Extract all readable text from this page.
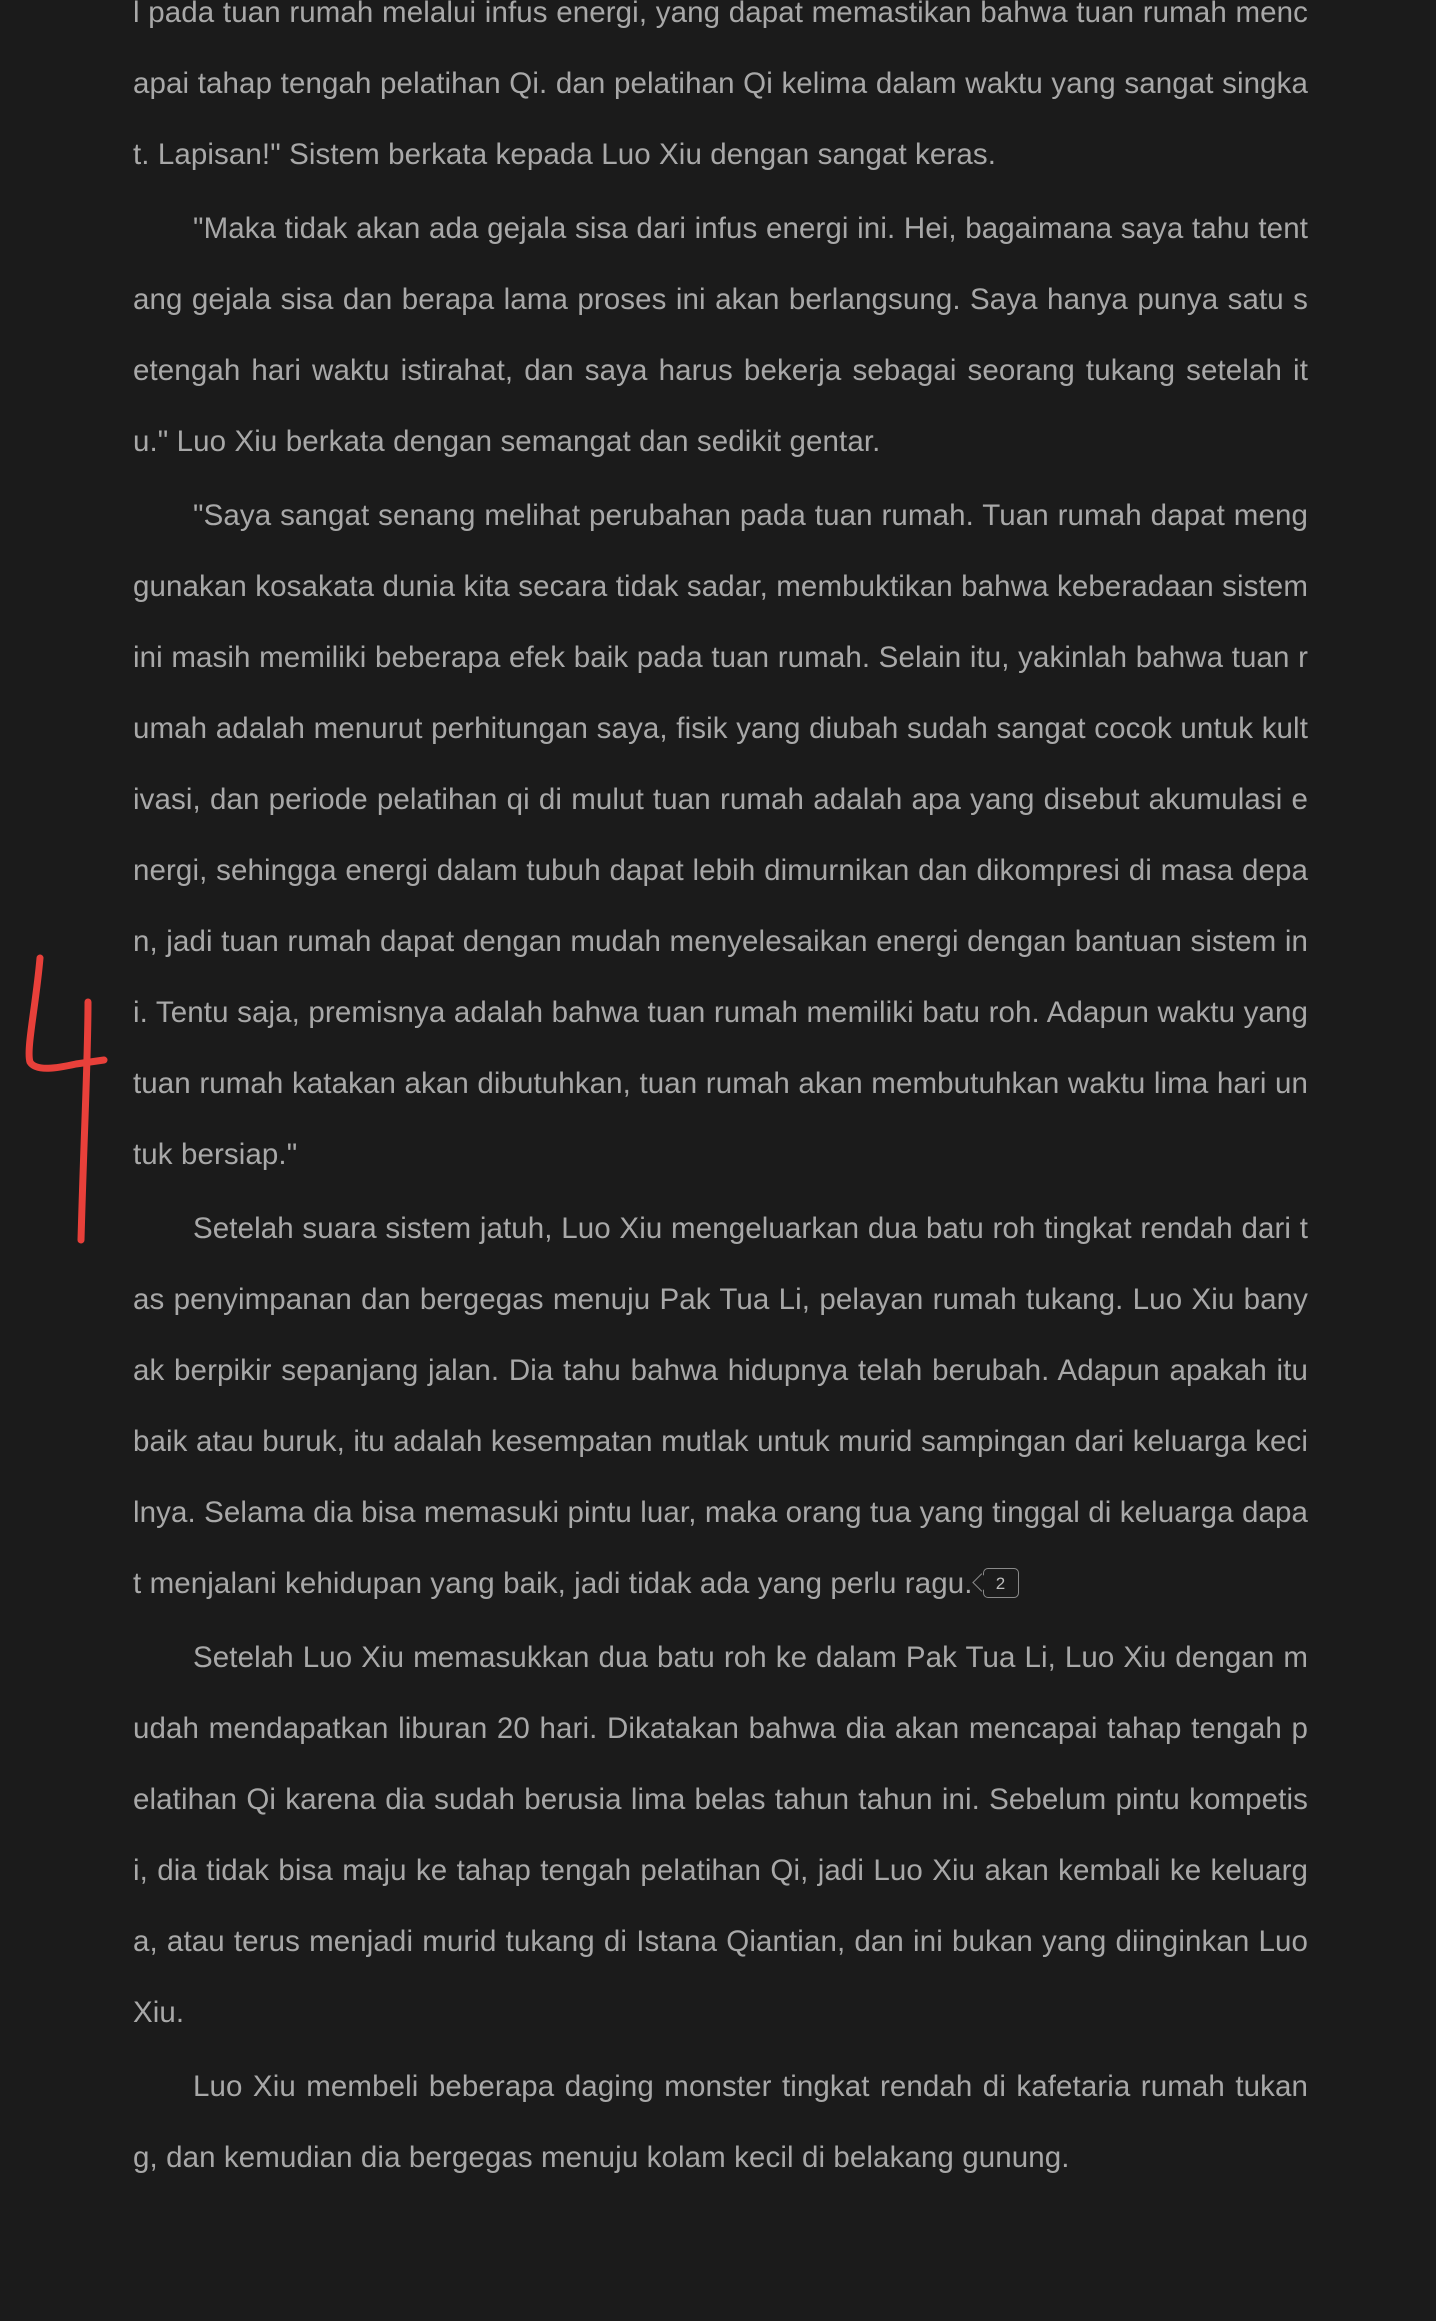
l pada tuan rumah melalui infus energi, yang dapat memastikan bahwa tuan rumah mencapai tahap tengah pelatihan Qi. dan pelatihan Qi kelima dalam waktu yang sangat singkat. Lapisan!" Sistem berkata kepada Luo Xiu dengan sangat keras.

"Maka tidak akan ada gejala sisa dari infus energi ini. Hei, bagaimana saya tahu tentang gejala sisa dan berapa lama proses ini akan berlangsung. Saya hanya punya satu setengah hari waktu istirahat, dan saya harus bekerja sebagai seorang tukang setelah itu." Luo Xiu berkata dengan semangat dan sedikit gentar.

"Saya sangat senang melihat perubahan pada tuan rumah. Tuan rumah dapat menggunakan kosakata dunia kita secara tidak sadar, membuktikan bahwa keberadaan sistem ini masih memiliki beberapa efek baik pada tuan rumah. Selain itu, yakinlah bahwa tuan rumah adalah menurut perhitungan saya, fisik yang diubah sudah sangat cocok untuk kultivasi, dan periode pelatihan qi di mulut tuan rumah adalah apa yang disebut akumulasi energi, sehingga energi dalam tubuh dapat lebih dimurnikan dan dikompresi di masa depan, jadi tuan rumah dapat dengan mudah menyelesaikan energi dengan bantuan sistem ini. Tentu saja, premisnya adalah bahwa tuan rumah memiliki batu roh. Adapun waktu yang tuan rumah katakan akan dibutuhkan, tuan rumah akan membutuhkan waktu lima hari untuk bersiap."

Setelah suara sistem jatuh, Luo Xiu mengeluarkan dua batu roh tingkat rendah dari tas penyimpanan dan bergegas menuju Pak Tua Li, pelayan rumah tukang. Luo Xiu banyak berpikir sepanjang jalan. Dia tahu bahwa hidupnya telah berubah. Adapun apakah itu baik atau buruk, itu adalah kesempatan mutlak untuk murid sampingan dari keluarga kecilnya. Selama dia bisa memasuki pintu luar, maka orang tua yang tinggal di keluarga dapat menjalani kehidupan yang baik, jadi tidak ada yang perlu ragu. 2

Setelah Luo Xiu memasukkan dua batu roh ke dalam Pak Tua Li, Luo Xiu dengan mudah mendapatkan liburan 20 hari. Dikatakan bahwa dia akan mencapai tahap tengah pelatihan Qi karena dia sudah berusia lima belas tahun tahun ini. Sebelum pintu kompetisi, dia tidak bisa maju ke tahap tengah pelatihan Qi, jadi Luo Xiu akan kembali ke keluarga, atau terus menjadi murid tukang di Istana Qiantian, dan ini bukan yang diinginkan Luo Xiu.

Luo Xiu membeli beberapa daging monster tingkat rendah di kafetaria rumah tukang, dan kemudian dia bergegas menuju kolam kecil di belakang gunung.
